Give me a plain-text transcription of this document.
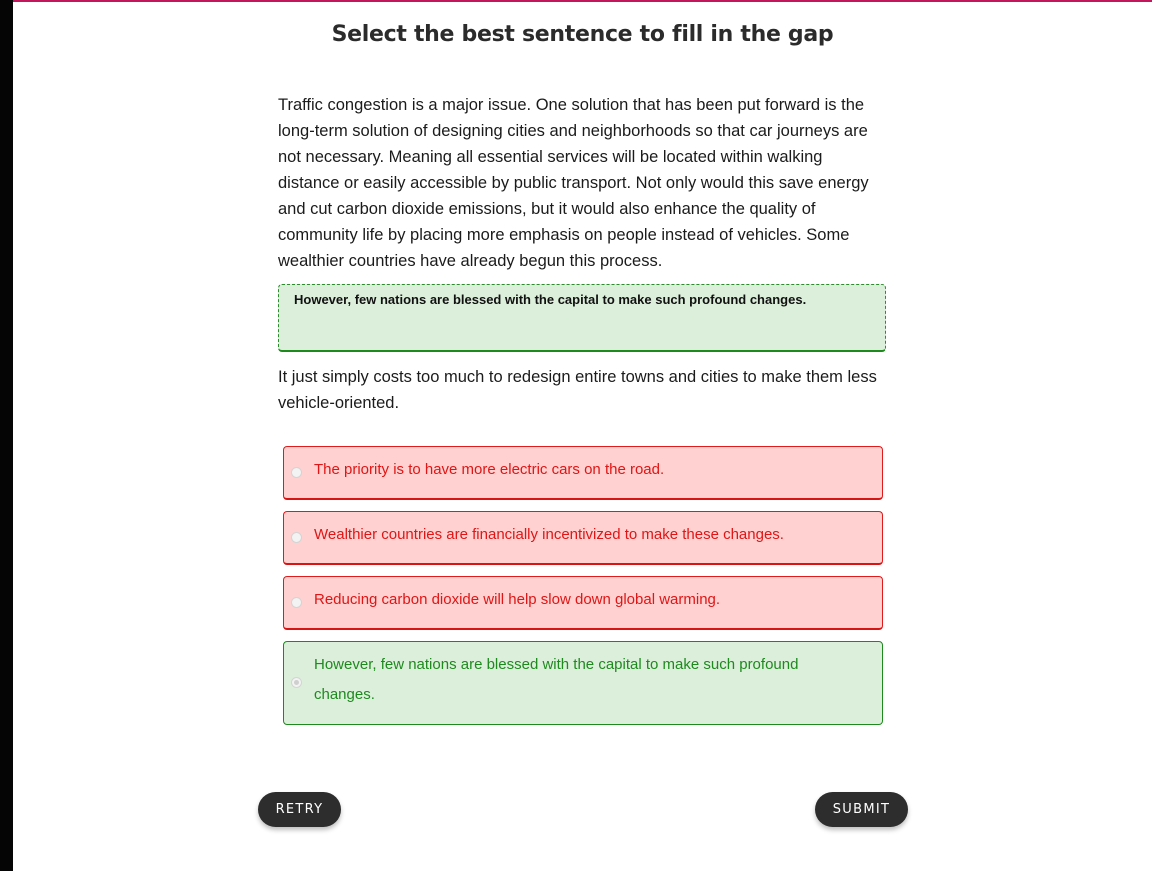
Select the best sentence to fill in the gap

Traffic congestion is a major issue. One solution that has been put forward is the long-term solution of designing cities and neighborhoods so that car journeys are not necessary. Meaning all essential services will be located within walking distance or easily accessible by public transport. Not only would this save energy and cut carbon dioxide emissions, but it would also enhance the quality of community life by placing more emphasis on people instead of vehicles. Some wealthier countries have already begun this process.

However, few nations are blessed with the capital to make such profound changes.

It just simply costs too much to redesign entire towns and cities to make them less vehicle-oriented.

The priority is to have more electric cars on the road.
Wealthier countries are financially incentivized to make these changes.
Reducing carbon dioxide will help slow down global warming.
However, few nations are blessed with the capital to make such profound changes.
RETRY	SUBMIT
